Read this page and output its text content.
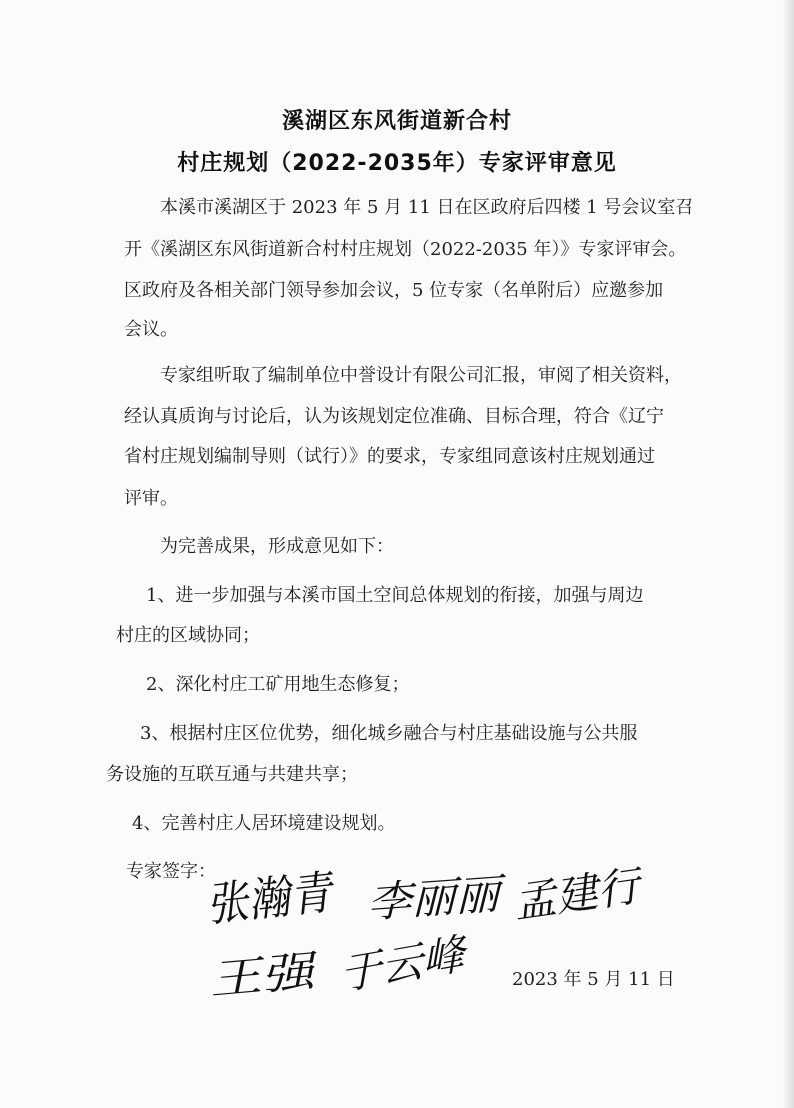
溪湖区东风街道新合村
村庄规划（2022-2035年）专家评审意见
本溪市溪湖区于 2023 年 5 月 11 日在区政府后四楼 1 号会议室召
开《溪湖区东风街道新合村村庄规划（2022-2035 年）》专家评审会。
区政府及各相关部门领导参加会议，5 位专家（名单附后）应邀参加
会议。
专家组听取了编制单位中誉设计有限公司汇报，审阅了相关资料，
经认真质询与讨论后，认为该规划定位准确、目标合理，符合《辽宁
省村庄规划编制导则（试行）》的要求，专家组同意该村庄规划通过
评审。
为完善成果，形成意见如下：
1、进一步加强与本溪市国土空间总体规划的衔接，加强与周边
村庄的区域协同；
2、深化村庄工矿用地生态修复；
3、根据村庄区位优势，细化城乡融合与村庄基础设施与公共服
务设施的互联互通与共建共享；
4、完善村庄人居环境建设规划。
专家签字：
张瀚青 李丽丽 孟建行
王强 于云峰 2023 年 5 月 11 日
